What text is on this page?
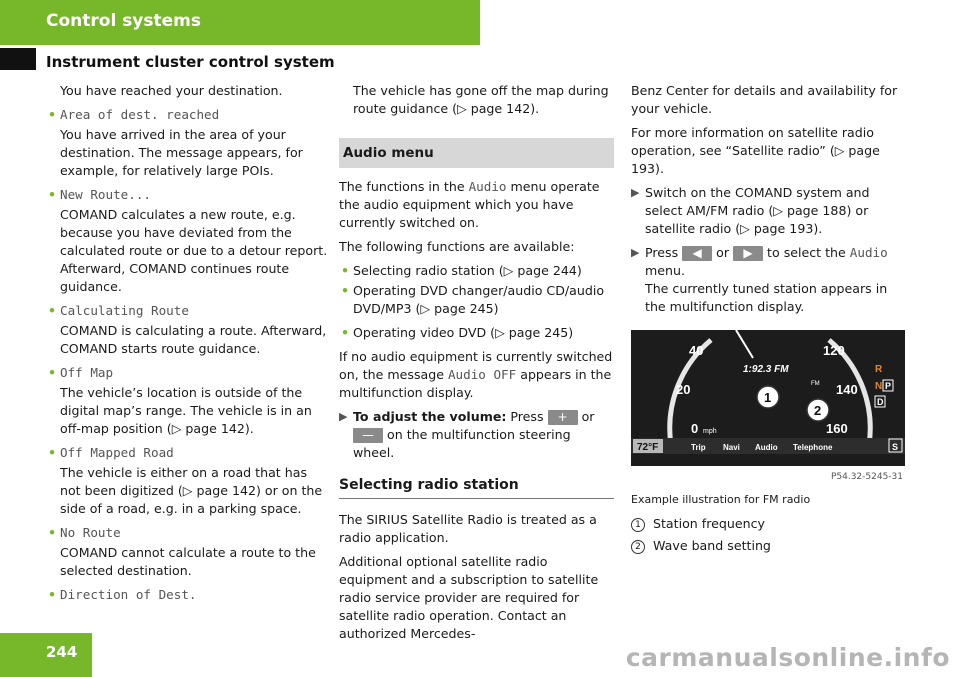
Control systems
Instrument cluster control system

You have reached your destination.

• Area of dest. reached

You have arrived in the area of your destination. The message appears, for example, for relatively large POIs.

• New Route...

COMAND calculates a new route, e.g. because you have deviated from the calculated route or due to a detour report. Afterward, COMAND continues route guidance.

• Calculating Route

COMAND is calculating a route. Afterward, COMAND starts route guidance.

• Off Map

The vehicle’s location is outside of the digital map’s range. The vehicle is in an off-map position (▷ page 142).

• Off Mapped Road

The vehicle is either on a road that has not been digitized (▷ page 142) or on the side of a road, e.g. in a parking space.

• No Route

COMAND cannot calculate a route to the selected destination.

• Direction of Dest.

The vehicle has gone off the map during route guidance (▷ page 142).

Audio menu

The functions in the Audio menu operate the audio equipment which you have currently switched on.

The following functions are available:

• Selecting radio station (▷ page 244)
• Operating DVD changer/audio CD/audio DVD/MP3 (▷ page 245)
• Operating video DVD (▷ page 245)

If no audio equipment is currently switched on, the message Audio OFF appears in the multifunction display.

▶ To adjust the volume: Press + or
— on the multifunction steering wheel.
Selecting radio station

The SIRIUS Satellite Radio is treated as a radio application.

Additional optional satellite radio equipment and a subscription to satellite radio service provider are required for satellite radio operation. Contact an authorized Mercedes-

Benz Center for details and availability for your vehicle.

For more information on satellite radio operation, see “Satellite radio” (▷ page 193).

▶ Switch on the COMAND system and select AM/FM radio (▷ page 188) or satellite radio (▷ page 193).
▶ Press ◀ or ▶ to select the Audio
menu.
The currently tuned station appears in the multifunction display.
40
20
0 mph
120
140
160
1:92.3 FM
FM
1
2
R
N P
D
72°F	Trip Navi Audio Telephone	S
P54.32-5245-31
Example illustration for FM radio
1 Station frequency
2 Wave band setting
244	carmanualsonline.info
